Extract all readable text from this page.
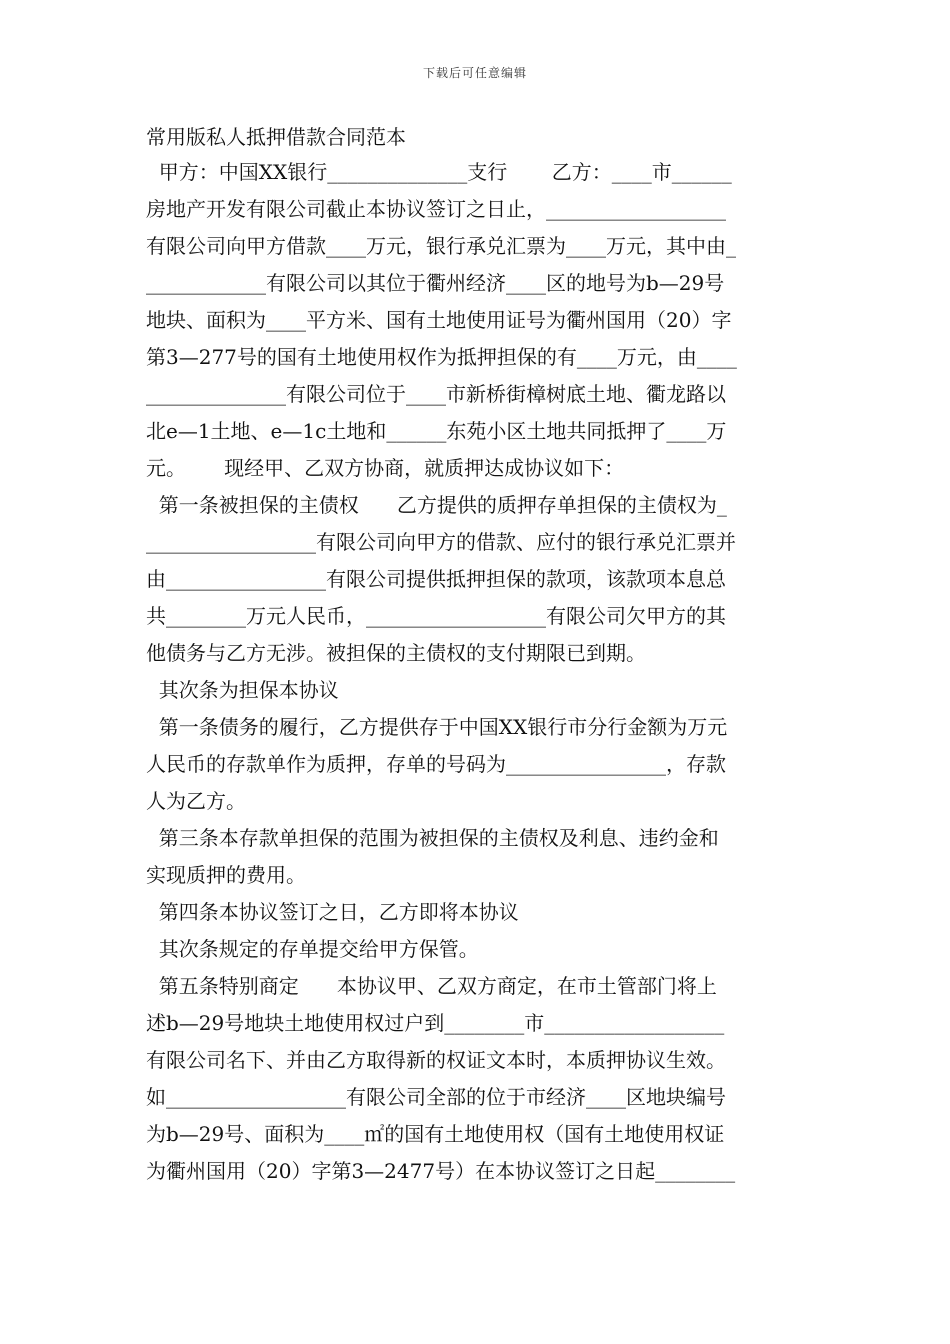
下载后可任意编辑
常用版私人抵押借款合同范本
甲方：中国XX银行______________支行       乙方：____市______
房地产开发有限公司截止本协议签订之日止，__________________
有限公司向甲方借款____万元，银行承兑汇票为____万元，其中由_
____________有限公司以其位于衢州经济____区的地号为b—29号
地块、面积为____平方米、国有土地使用证号为衢州国用（20）字
第3—277号的国有土地使用权作为抵押担保的有____万元，由____
______________有限公司位于____市新桥街樟树底土地、衢龙路以
北e—1土地、e—1c土地和______东苑小区土地共同抵押了____万
元。      现经甲、乙双方协商，就质押达成协议如下：
第一条被担保的主债权      乙方提供的质押存单担保的主债权为_
_________________有限公司向甲方的借款、应付的银行承兑汇票并
由________________有限公司提供抵押担保的款项，该款项本息总
共________万元人民币，__________________有限公司欠甲方的其
他债务与乙方无涉。被担保的主债权的支付期限已到期。
其次条为担保本协议
第一条债务的履行，乙方提供存于中国XX银行市分行金额为万元
人民币的存款单作为质押，存单的号码为________________，存款
人为乙方。
第三条本存款单担保的范围为被担保的主债权及利息、违约金和
实现质押的费用。
第四条本协议签订之日，乙方即将本协议
其次条规定的存单提交给甲方保管。
第五条特别商定      本协议甲、乙双方商定，在市土管部门将上
述b—29号地块土地使用权过户到________市__________________
有限公司名下、并由乙方取得新的权证文本时，本质押协议生效。
如__________________有限公司全部的位于市经济____区地块编号
为b—29号、面积为____㎡的国有土地使用权（国有土地使用权证
为衢州国用（20）字第3—2477号）在本协议签订之日起________
